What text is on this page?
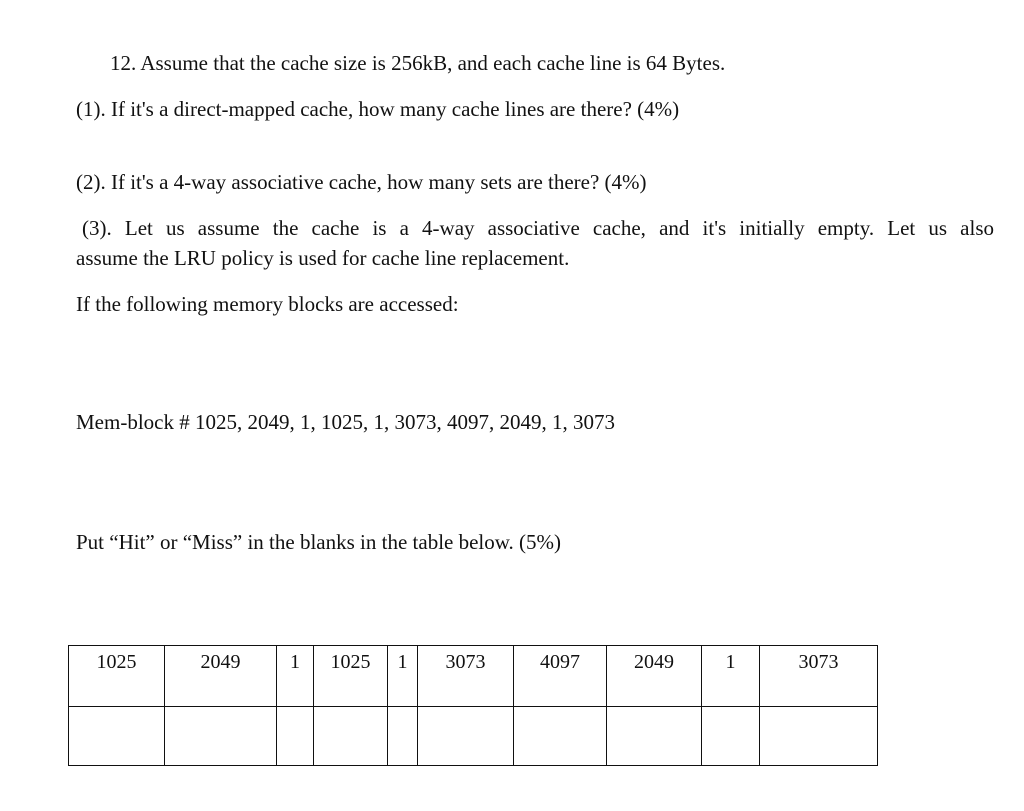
12. Assume that the cache size is 256kB, and each cache line is 64 Bytes.
(1). If it's a direct-mapped cache, how many cache lines are there? (4%)
(2). If it's a 4-way associative cache, how many sets are there? (4%)
(3). Let us assume the cache is a 4-way associative cache, and it's initially empty. Let us also
assume the LRU policy is used for cache line replacement.
If the following memory blocks are accessed:
Mem-block # 1025, 2049, 1, 1025, 1, 3073, 4097, 2049, 1, 3073
Put “Hit” or “Miss” in the blanks in the table below. (5%)
1025	2049	1	1025	1	3073	4097	2049	1	3073
